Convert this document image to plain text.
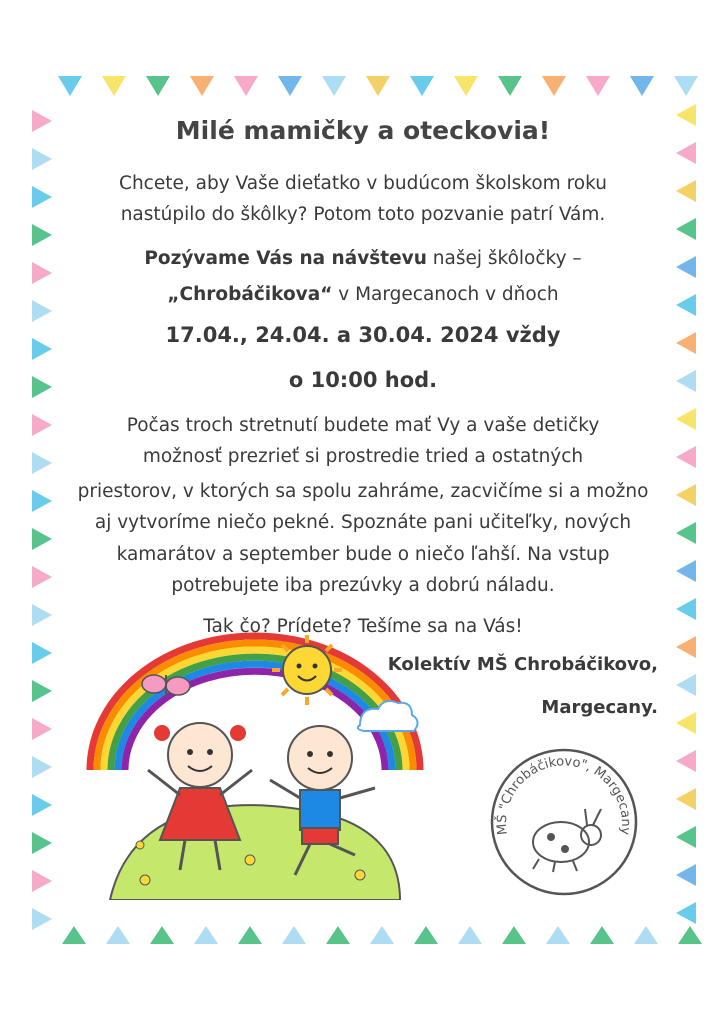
Milé mamičky a oteckovia!
Chcete, aby Vaše dieťatko v budúcom školskom roku
nastúpilo do škôlky? Potom toto pozvanie patrí Vám.
Pozývame Vás na návštevu našej škôločky –
„Chrobáčikova“ v Margecanoch v dňoch
17.04., 24.04. a 30.04. 2024 vždy
o 10:00 hod.
Počas troch stretnutí budete mať Vy a vaše detičky
možnosť prezrieť si prostredie tried a ostatných
priestorov, v ktorých sa spolu zahráme, zacvičíme si a možno
aj vytvoríme niečo pekné. Spoznáte pani učiteľky, nových
kamarátov a september bude o niečo ľahší. Na vstup
potrebujete iba prezúvky a dobrú náladu.
Tak čo? Prídete? Tešíme sa na Vás!
Kolektív MŠ Chrobáčikovo,
Margecany.
MŠ "Chrobáčikovo", Margecany
